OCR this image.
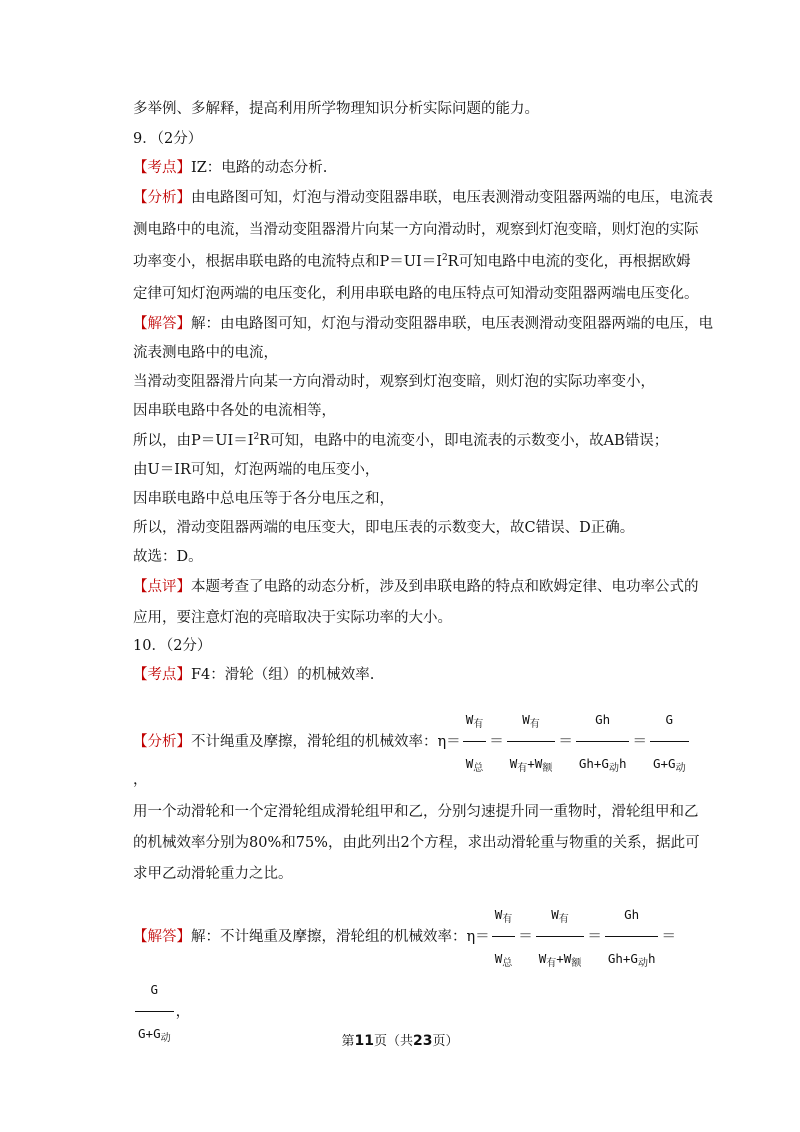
多举例、多解释，提高利用所学物理知识分析实际问题的能力。
9．（2分）
【考点】IZ：电路的动态分析.
【分析】由电路图可知，灯泡与滑动变阻器串联，电压表测滑动变阻器两端的电压，电流表
测电路中的电流，当滑动变阻器滑片向某一方向滑动时，观察到灯泡变暗，则灯泡的实际
功率变小，根据串联电路的电流特点和$P=UI=I^2R$可知电路中电流的变化，再根据欧姆
定律可知灯泡两端的电压变化，利用串联电路的电压特点可知滑动变阻器两端电压变化。
【解答】解：由电路图可知，灯泡与滑动变阻器串联，电压表测滑动变阻器两端的电压，电
流表测电路中的电流，
当滑动变阻器滑片向某一方向滑动时，观察到灯泡变暗，则灯泡的实际功率变小，
因串联电路中各处的电流相等，
所以，由$P=UI=I^2R$可知，电路中的电流变小，即电流表的示数变小，故AB错误；
由U＝IR可知，灯泡两端的电压变小，
因串联电路中总电压等于各分电压之和，
所以，滑动变阻器两端的电压变大，即电压表的示数变大，故C错误、D正确。
故选：D。
【点评】本题考查了电路的动态分析，涉及到串联电路的特点和欧姆定律、电功率公式的
应用，要注意灯泡的亮暗取决于实际功率的大小。
10．（2分）
【考点】F4：滑轮（组）的机械效率.
【分析】不计绳重及摩擦，滑轮组的机械效率：$\eta= \frac{W_有}{W_总} = \frac{W_有}{W_有+W_额} = \frac{Gh}{Gh+G_动h} = \frac{G}{G+G_动}$
，
用一个动滑轮和一个定滑轮组成滑轮组甲和乙，分别匀速提升同一重物时，滑轮组甲和乙
的机械效率分别为80%和75%，由此列出2个方程，求出动滑轮重与物重的关系，据此可
求甲乙动滑轮重力之比。
【解答】解：不计绳重及摩擦，滑轮组的机械效率：$\eta= \frac{W_有}{W_总} = \frac{W_有}{W_有+W_额} = \frac{Gh}{Gh+G_动h}$ ＝
$\frac{G}{G+G_动}$ ，
第11页（共23页）
